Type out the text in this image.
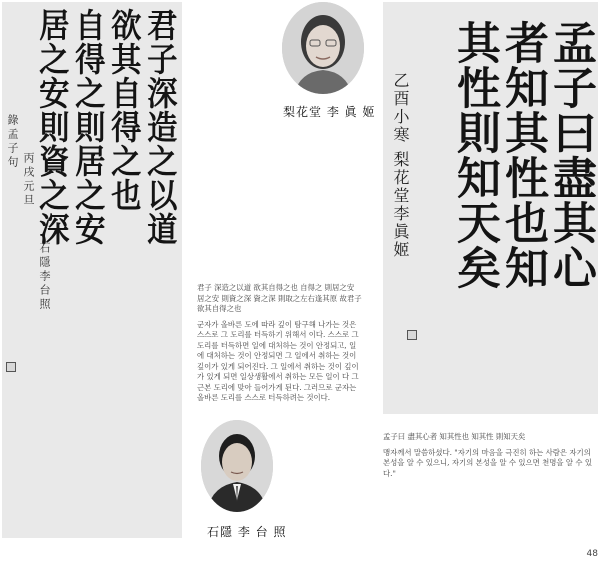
君子深造之以道
欲其自得之也
自得之則居之安
居之安則資之深
錄孟子句
丙戌元旦
石隱李台照
梨花堂 李 眞 姬

君子 深造之以道 欲其自得之也 自得之 則居之安 居之安 則資之深 資之深 則取之左右逢其原 故君子 欲其自得之也

군자가 올바른 도에 따라 깊이 탐구해 나가는 것은 스스로 그 도리를 터득하기 위해서 이다. 스스로 그 도리를 터득하면 일에 대처하는 것이 안정되고, 일에 대처하는 것이 안정되면 그 일에서 취하는 것이 깊이가 있게 되어진다. 그 일에서 취하는 것이 깊이가 있게 되면 일상생활에서 취하는 모든 일이 다 그 근본 도리에 맞아 들어가게 된다. 그러므로 군자는 올바른 도리를 스스로 터득하려는 것이다.

石隱 李 台 照
孟子曰盡其心
者知其性也知
其性則知天矣
乙酉小寒 梨花堂李眞姬

孟子曰 盡其心者 知其性也 知其性 則知天矣

맹자께서 말씀하셨다. "자기의 마음을 극진히 하는 사람은 자기의 본성을 알 수 있으니, 자기의 본성을 알 수 있으면 천명을 알 수 있다."

48
